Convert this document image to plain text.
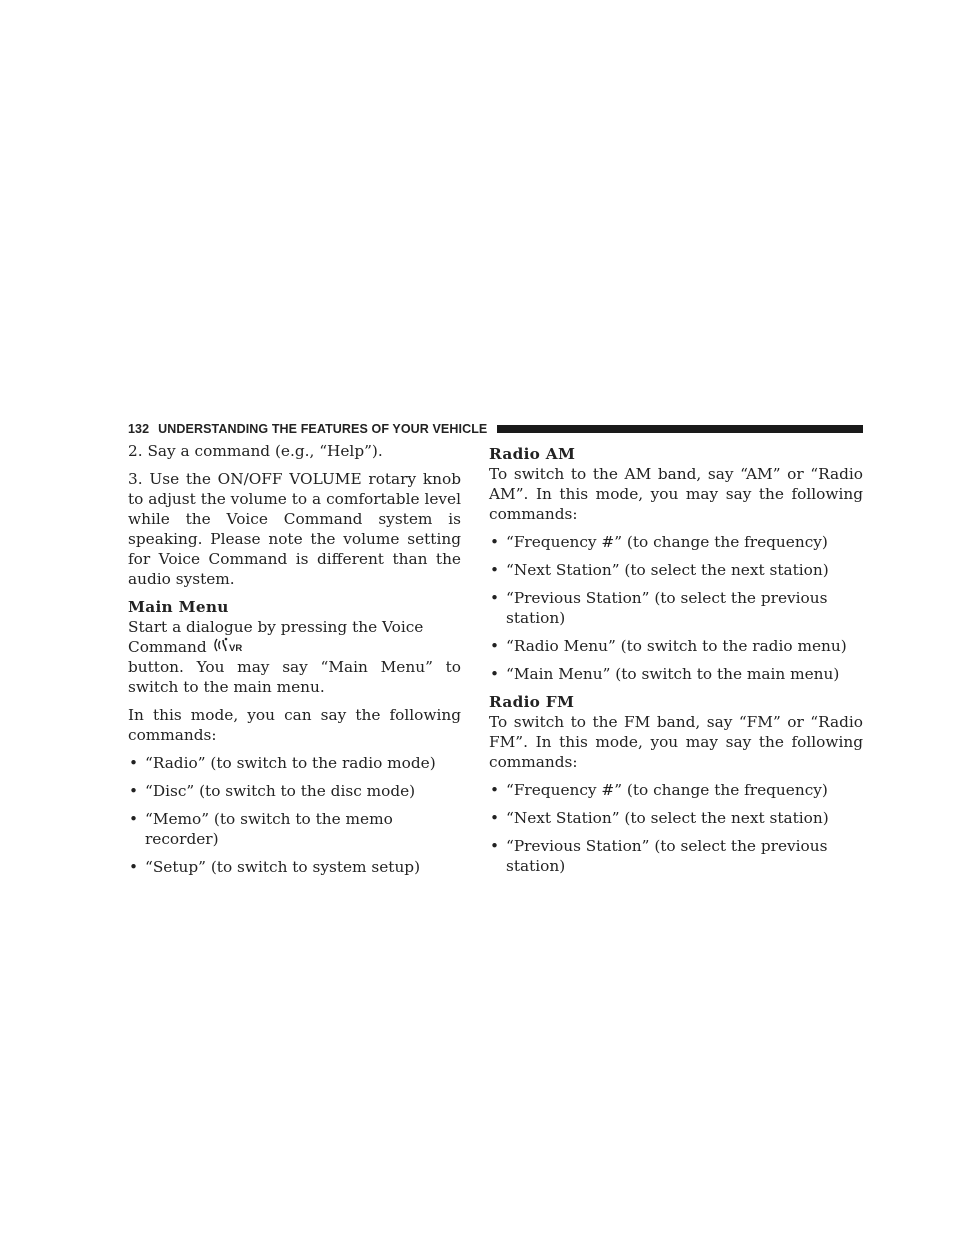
132 UNDERSTANDING THE FEATURES OF YOUR VEHICLE

2. Say a command (e.g., “Help”).

3. Use the ON/OFF VOLUME rotary knob to adjust the volume to a comfortable level while the Voice Command system is speaking. Please note the volume setting for Voice Command is different than the audio system.

Main Menu

Start a dialogue by pressing the Voice Command VR

button. You may say “Main Menu” to switch to the main menu.

In this mode, you can say the following commands:

• “Radio” (to switch to the radio mode)
• “Disc” (to switch to the disc mode)
• “Memo” (to switch to the memo recorder)
• “Setup” (to switch to system setup)
Radio AM

To switch to the AM band, say “AM” or “Radio AM”. In this mode, you may say the following commands:

• “Frequency #” (to change the frequency)
• “Next Station” (to select the next station)
• “Previous Station” (to select the previous station)
• “Radio Menu” (to switch to the radio menu)
• “Main Menu” (to switch to the main menu)
Radio FM

To switch to the FM band, say “FM” or “Radio FM”. In this mode, you may say the following commands:

• “Frequency #” (to change the frequency)
• “Next Station” (to select the next station)
• “Previous Station” (to select the previous station)
